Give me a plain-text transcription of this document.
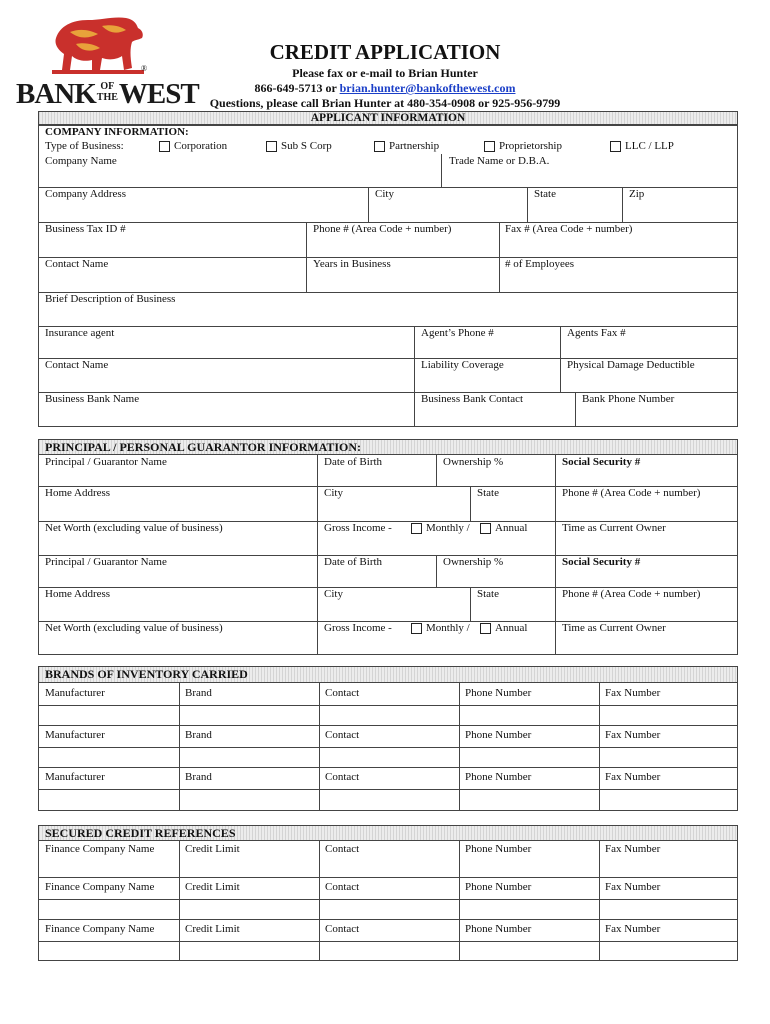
®
BANK OF
THEWEST
CREDIT APPLICATION
Please fax or e-mail to Brian Hunter
866-649-5713 or brian.hunter@bankofthewest.com
Questions, please call Brian Hunter at 480-354-0908 or 925-956-9799
APPLICANT INFORMATION
COMPANY INFORMATION:
Type of Business:	Corporation	Sub S Corp	Partnership	Proprietorship	LLC / LLP
Company Name	Trade Name or D.B.A.
Company Address	City	State	Zip
Business Tax ID #	Phone # (Area Code + number)	Fax # (Area Code + number)
Contact Name	Years in Business	# of Employees
Brief Description of Business
Insurance agent	Agent’s Phone #	Agents Fax #
Contact Name	Liability Coverage	Physical Damage Deductible
Business Bank Name	Business Bank Contact	Bank Phone Number
PRINCIPAL / PERSONAL GUARANTOR INFORMATION:
Principal / Guarantor Name	Date of Birth	Ownership %	Social Security #
Home Address	City	State	Phone # (Area Code + number)
Net Worth (excluding value of business)	Gross Income -	Monthly / Annual	Time as Current Owner
Principal / Guarantor Name	Date of Birth	Ownership %	Social Security #
Home Address	City	State	Phone # (Area Code + number)
Net Worth (excluding value of business)	Gross Income -	Monthly / Annual	Time as Current Owner
BRANDS OF INVENTORY CARRIED
Manufacturer	Brand	Contact	Phone Number	Fax Number
Manufacturer	Brand	Contact	Phone Number	Fax Number
Manufacturer	Brand	Contact	Phone Number	Fax Number
SECURED CREDIT REFERENCES
Finance Company Name	Credit Limit	Contact	Phone Number	Fax Number
Finance Company Name	Credit Limit	Contact	Phone Number	Fax Number
Finance Company Name	Credit Limit	Contact	Phone Number	Fax Number
